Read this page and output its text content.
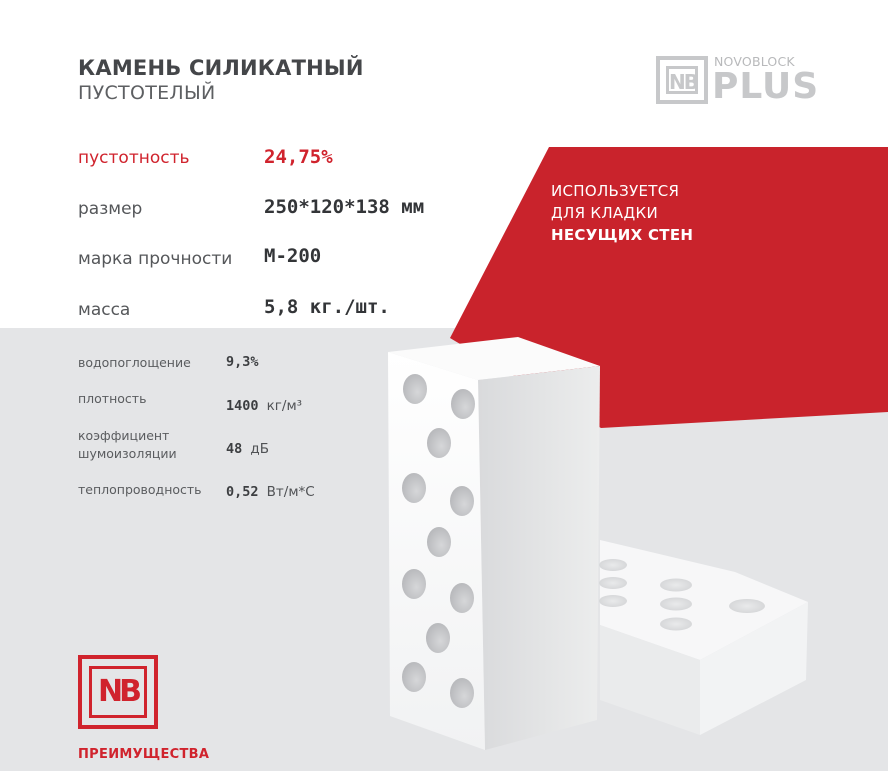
КАМЕНЬ СИЛИКАТНЫЙ
ПУСТОТЕЛЫЙ	NB
NOVOBLOCK
PLUS
пустотность	24,75%
размер	250*120*138 мм
марка прочности М-200
масса	5,8 кг./шт.
водопоглощение	9,3%
плотность	1400 кг/м³
коэффициент
шумоизоляции	48 дБ
теплопроводность 0,52 Вт/м*С
ИСПОЛЬЗУЕТСЯ
ДЛЯ КЛАДКИ
НЕСУЩИХ СТЕН
NB
ПРЕИМУЩЕСТВА
